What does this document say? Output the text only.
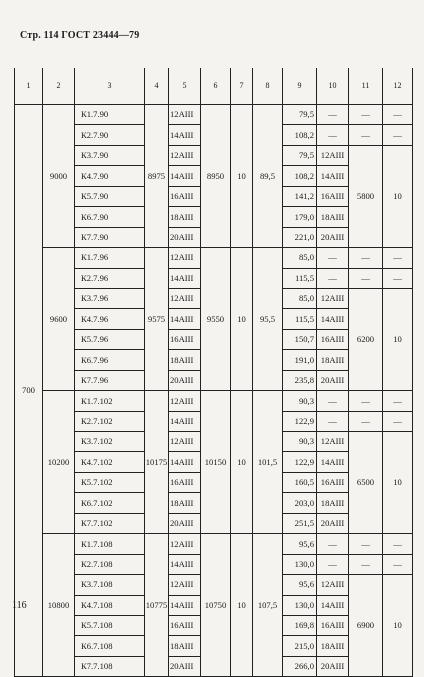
Стр. 114 ГОСТ 23444—79
1	2	3	4	5	6	7	8	9	10	11	12
700	9000	К1.7.90	8975	12AIII	8950	10	89,5	79,5	—	—	—
		К2.7.90		14AIII				108,2	—	—	—
		К3.7.90		12AIII				79,5	12AIII	5800	10
		К4.7.90		14AIII				108,2	14AIII		
		К5.7.90		16AIII				141,2	16AIII		
		К6.7.90		18AIII				179,0	18AIII		
		К7.7.90		20AIII				221,0	20AIII		
	9600	К1.7.96	9575	12AIII	9550	10	95,5	85,0	—	—	—
		К2.7.96		14AIII				115,5	—	—	—
		К3.7.96		12AIII				85,0	12AIII	6200	10
		К4.7.96		14AIII				115,5	14AIII		
		К5.7.96		16AIII				150,7	16AIII		
		К6.7.96		18AIII				191,0	18AIII		
		К7.7.96		20AIII				235,8	20AIII		
	10200	К1.7.102	10175	12AIII	10150	10	101,5	90,3	—	—	—
		К2.7.102		14AIII				122,9	—	—	—
		К3.7.102		12AIII				90,3	12AIII	6500	10
		К4.7.102		14AIII				122,9	14AIII		
		К5.7.102		16AIII				160,5	16AIII		
		К6.7.102		18AIII				203,0	18AIII		
		К7.7.102		20AIII				251,5	20AIII		
	10800	К1.7.108	10775	12AIII	10750	10	107,5	95,6	—	—	—
		К2.7.108		14AIII				130,0	—	—	—
		К3.7.108		12AIII				95,6	12AIII	6900	10
		К4.7.108		14AIII				130,0	14AIII		
		К5.7.108		16AIII				169,8	16AIII		
		К6.7.108		18AIII				215,0	18AIII		
		К7.7.108		20AIII				266,0	20AIII		
116
